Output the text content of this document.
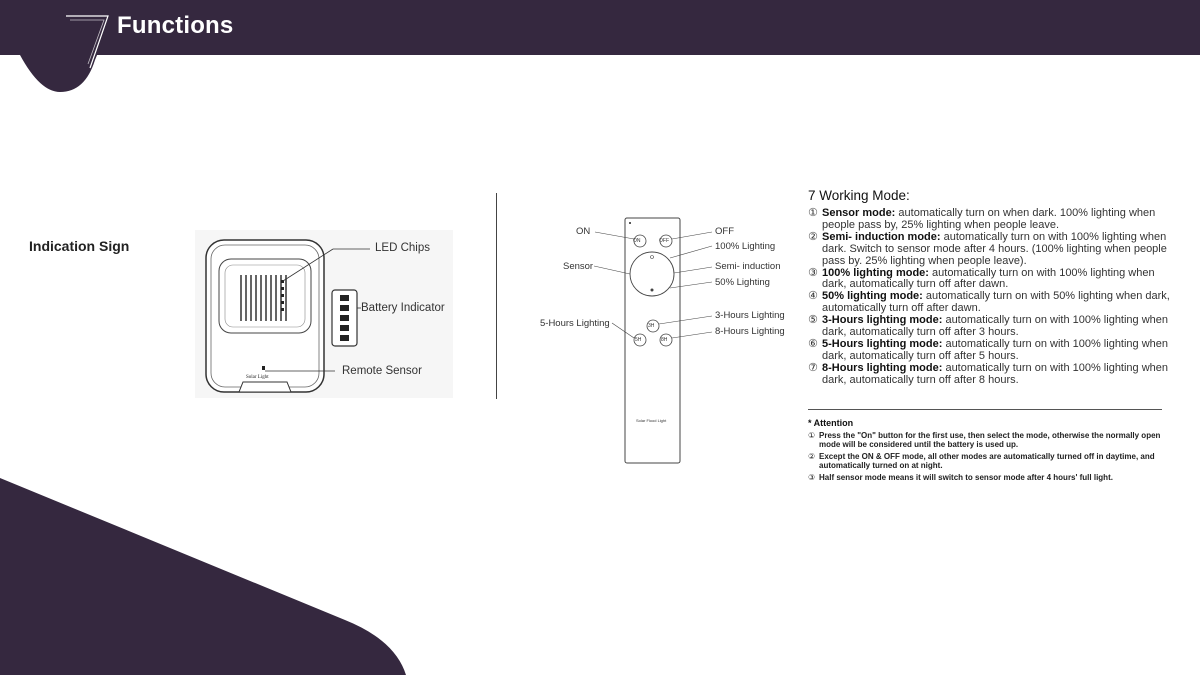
Functions
Indication Sign	LED Chips
Battery Indicator
Remote Sensor
Solar Light
ON	OFF
3H
5H	8H
Solar Flood Light
ON	OFF
100% Lighting
Sensor	Semi- induction
50% Lighting
5-Hours Lighting
3-Hours Lighting
8-Hours Lighting
7 Working Mode:
① Sensor mode: automatically turn on when dark. 100% lighting when people pass by, 25% lighting when people leave.
② Semi- induction mode: automatically turn on with 100% lighting when dark. Switch to sensor mode after 4 hours. (100% lighting when people pass by. 25% lighting when people leave).
③ 100% lighting mode: automatically turn on with 100% lighting when dark, automatically turn off after dawn.
④ 50% lighting mode: automatically turn on with 50% lighting when dark, automatically turn off after dawn.
⑤ 3-Hours lighting mode: automatically turn on with 100% lighting when dark, automatically turn off after 3 hours.
⑥ 5-Hours lighting mode: automatically turn on with 100% lighting when dark, automatically turn off after 5 hours.
⑦ 8-Hours lighting mode: automatically turn on with 100% lighting when dark, automatically turn off after 8 hours.
* Attention
① Press the "On" button for the first use, then select the mode, otherwise the normally open mode will be considered until the battery is used up.
② Except the ON & OFF mode, all other modes are automatically turned off in daytime, and automatically turned on at night.
③ Half sensor mode means it will switch to sensor mode after 4 hours' full light.
